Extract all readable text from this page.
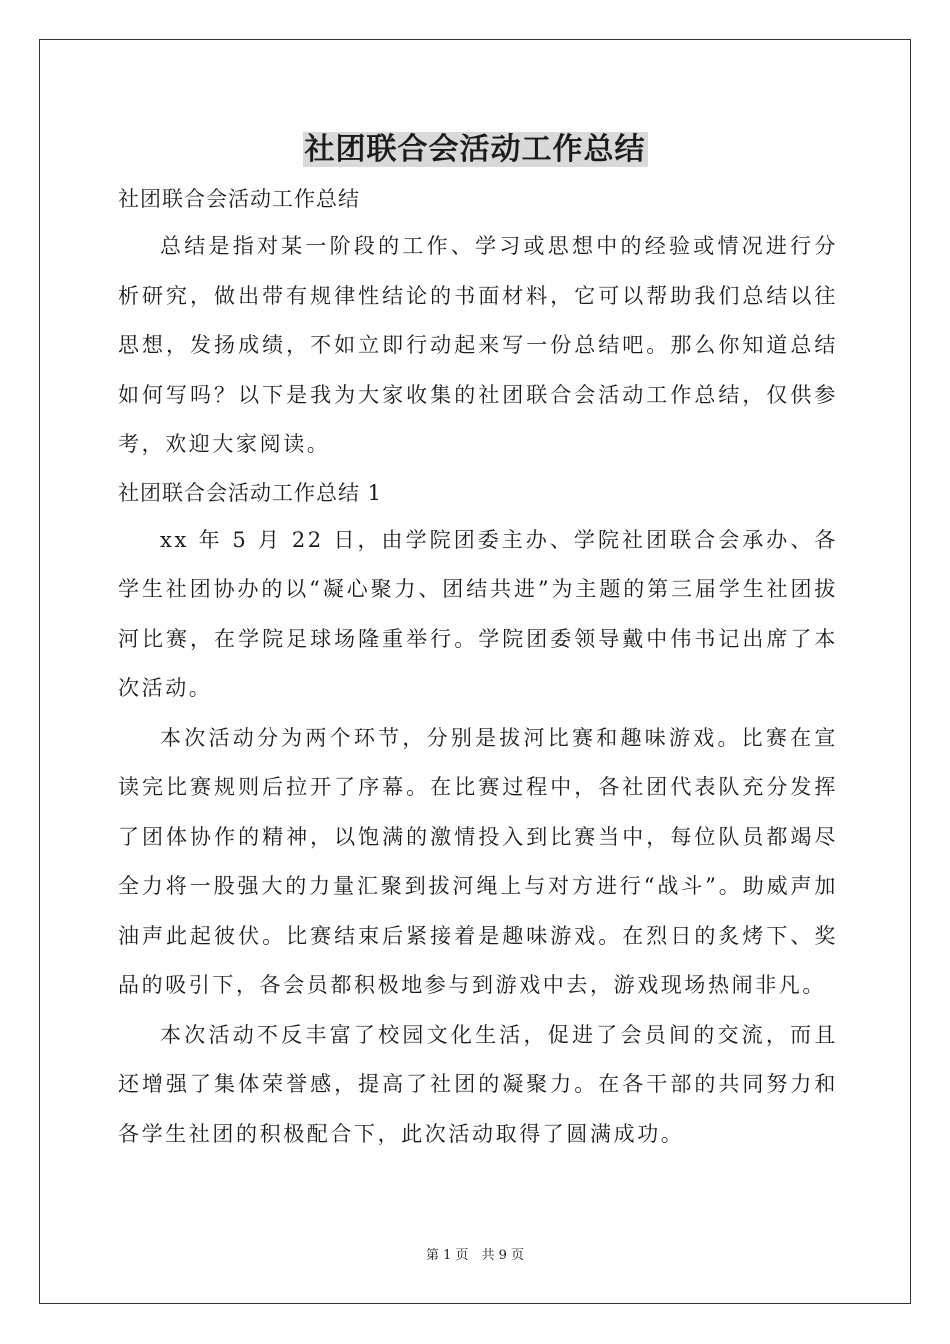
社团联合会活动工作总结

社团联合会活动工作总结

总结是指对某一阶段的工作、学习或思想中的经验或情况进行分析研究，做出带有规律性结论的书面材料，它可以帮助我们总结以往思想，发扬成绩，不如立即行动起来写一份总结吧。那么你知道总结如何写吗？以下是我为大家收集的社团联合会活动工作总结，仅供参考，欢迎大家阅读。

社团联合会活动工作总结 1

xx 年 5 月 22 日，由学院团委主办、学院社团联合会承办、各学生社团协办的以“凝心聚力、团结共进”为主题的第三届学生社团拔河比赛，在学院足球场隆重举行。学院团委领导戴中伟书记出席了本次活动。

本次活动分为两个环节，分别是拔河比赛和趣味游戏。比赛在宣读完比赛规则后拉开了序幕。在比赛过程中，各社团代表队充分发挥了团体协作的精神，以饱满的激情投入到比赛当中，每位队员都竭尽全力将一股强大的力量汇聚到拔河绳上与对方进行“战斗”。助威声加油声此起彼伏。比赛结束后紧接着是趣味游戏。在烈日的炙烤下、奖品的吸引下，各会员都积极地参与到游戏中去，游戏现场热闹非凡。

本次活动不反丰富了校园文化生活，促进了会员间的交流，而且还增强了集体荣誉感，提高了社团的凝聚力。在各干部的共同努力和各学生社团的积极配合下，此次活动取得了圆满成功。

第 1 页　共 9 页
